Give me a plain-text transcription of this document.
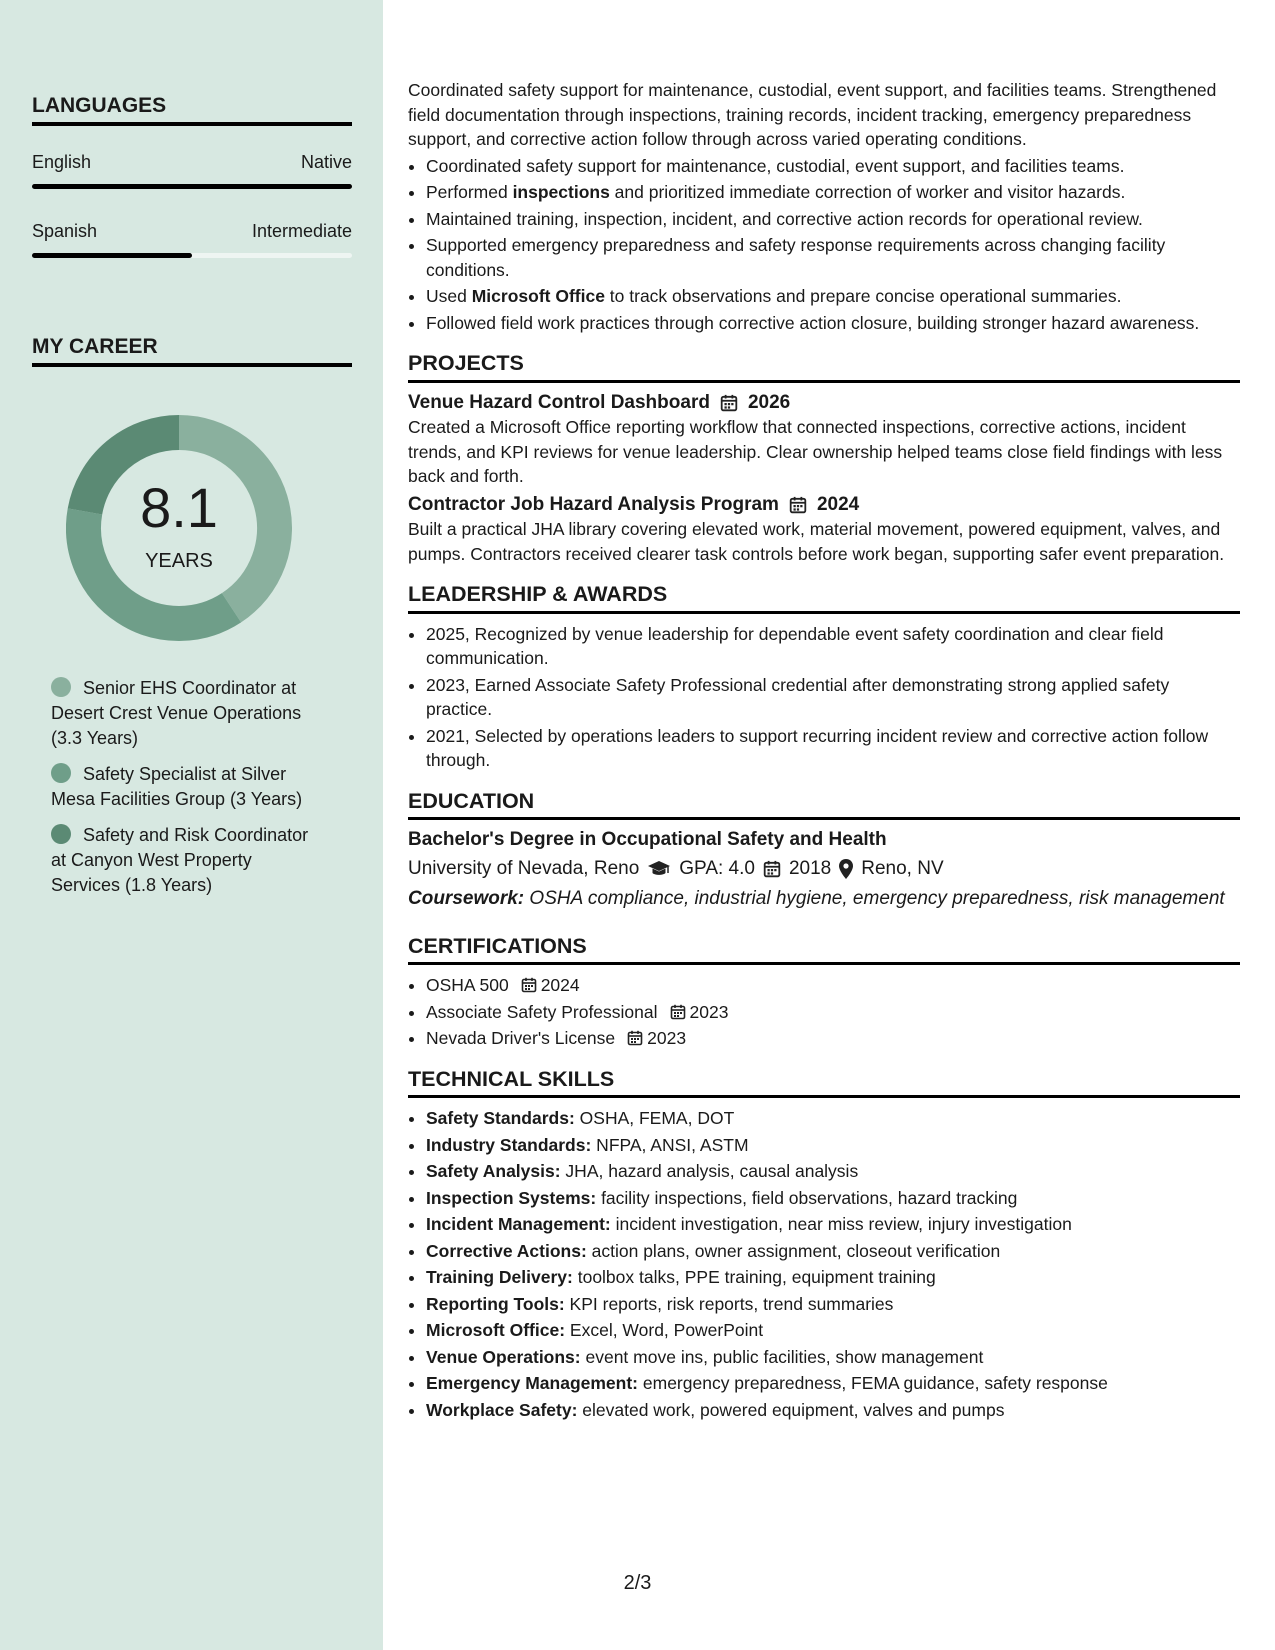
LANGUAGES
English	Native
Spanish	Intermediate
MY CAREER
8.1
YEARS
Senior EHS Coordinator at Desert Crest Venue Operations (3.3 Years)
Safety Specialist at Silver Mesa Facilities Group (3 Years)
Safety and Risk Coordinator at Canyon West Property Services (1.8 Years)

Coordinated safety support for maintenance, custodial, event support, and facilities teams. Strengthened field documentation through inspections, training records, incident tracking, emergency preparedness support, and corrective action follow through across varied operating conditions.

• Coordinated safety support for maintenance, custodial, event support, and facilities teams.
• Performed inspections and prioritized immediate correction of worker and visitor hazards.
• Maintained training, inspection, incident, and corrective action records for operational review.
• Supported emergency preparedness and safety response requirements across changing facility conditions.
• Used Microsoft Office to track observations and prepare concise operational summaries.
• Followed field work practices through corrective action closure, building stronger hazard awareness.
PROJECTS
Venue Hazard Control Dashboard 2026

Created a Microsoft Office reporting workflow that connected inspections, corrective actions, incident trends, and KPI reviews for venue leadership. Clear ownership helped teams close field findings with less back and forth.

Contractor Job Hazard Analysis Program 2024

Built a practical JHA library covering elevated work, material movement, powered equipment, valves, and pumps. Contractors received clearer task controls before work began, supporting safer event preparation.

LEADERSHIP & AWARDS
• 2025, Recognized by venue leadership for dependable event safety coordination and clear field communication.
• 2023, Earned Associate Safety Professional credential after demonstrating strong applied safety practice.
• 2021, Selected by operations leaders to support recurring incident review and corrective action follow through.
EDUCATION
Bachelor's Degree in Occupational Safety and Health
University of Nevada, Reno GPA: 4.0 2018 Reno, NV
Coursework: OSHA compliance, industrial hygiene, emergency preparedness, risk management
CERTIFICATIONS
• OSHA 500 2024
• Associate Safety Professional 2023
• Nevada Driver's License 2023
TECHNICAL SKILLS
• Safety Standards: OSHA, FEMA, DOT
• Industry Standards: NFPA, ANSI, ASTM
• Safety Analysis: JHA, hazard analysis, causal analysis
• Inspection Systems: facility inspections, field observations, hazard tracking
• Incident Management: incident investigation, near miss review, injury investigation
• Corrective Actions: action plans, owner assignment, closeout verification
• Training Delivery: toolbox talks, PPE training, equipment training
• Reporting Tools: KPI reports, risk reports, trend summaries
• Microsoft Office: Excel, Word, PowerPoint
• Venue Operations: event move ins, public facilities, show management
• Emergency Management: emergency preparedness, FEMA guidance, safety response
• Workplace Safety: elevated work, powered equipment, valves and pumps
2/3
